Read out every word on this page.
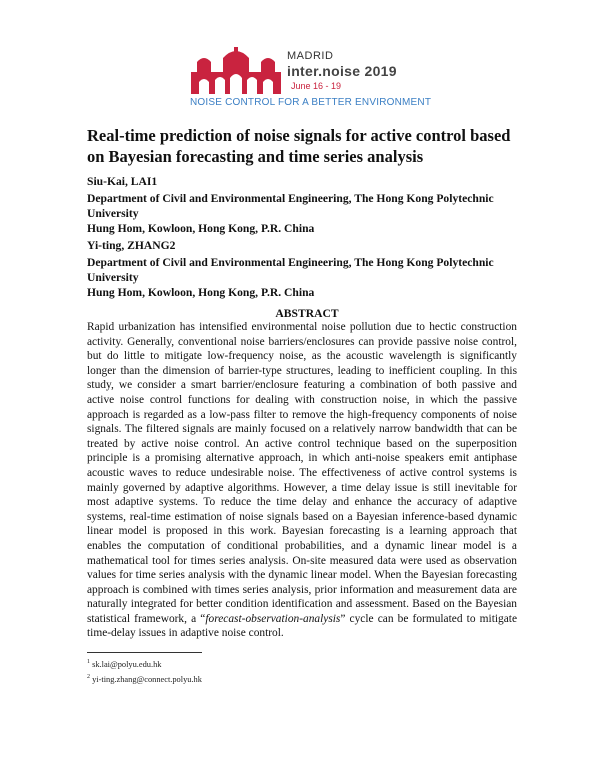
MADRID
inter.noise 2019
June 16 - 19
NOISE CONTROL FOR A BETTER ENVIRONMENT
Real-time prediction of noise signals for active control based on Bayesian forecasting and time series analysis
Siu-Kai, LAI1
Department of Civil and Environmental Engineering, The Hong Kong Polytechnic University
Hung Hom, Kowloon, Hong Kong, P.R. China
Yi-ting, ZHANG2
Department of Civil and Environmental Engineering, The Hong Kong Polytechnic University
Hung Hom, Kowloon, Hong Kong, P.R. China
ABSTRACT

Rapid urbanization has intensified environmental noise pollution due to hectic construction activity. Generally, conventional noise barriers/enclosures can provide passive noise control, but do little to mitigate low-frequency noise, as the acoustic wavelength is significantly longer than the dimension of barrier-type structures, leading to inefficient coupling. In this study, we consider a smart barrier/enclosure featuring a combination of both passive and active noise control functions for dealing with construction noise, in which the passive approach is regarded as a low-pass filter to remove the high-frequency components of noise signals. The filtered signals are mainly focused on a relatively narrow bandwidth that can be treated by active noise control. An active control technique based on the superposition principle is a promising alternative approach, in which anti-noise speakers emit antiphase acoustic waves to reduce undesirable noise. The effectiveness of active control systems is mainly governed by adaptive algorithms. However, a time delay issue is still inevitable for most adaptive systems. To reduce the time delay and enhance the accuracy of adaptive systems, real-time estimation of noise signals based on a Bayesian inference-based dynamic linear model is proposed in this work. Bayesian forecasting is a learning approach that enables the computation of conditional probabilities, and a dynamic linear model is a mathematical tool for times series analysis. On-site measured data were used as observation values for time series analysis with the dynamic linear model. When the Bayesian forecasting approach is combined with times series analysis, prior information and measurement data are naturally integrated for better condition identification and assessment. Based on the Bayesian statistical framework, a “forecast-observation-analysis” cycle can be formulated to mitigate time-delay issues in adaptive noise control.

$^1$ sk.lai@polyu.edu.hk
$^2$ yi-ting.zhang@connect.polyu.hk
